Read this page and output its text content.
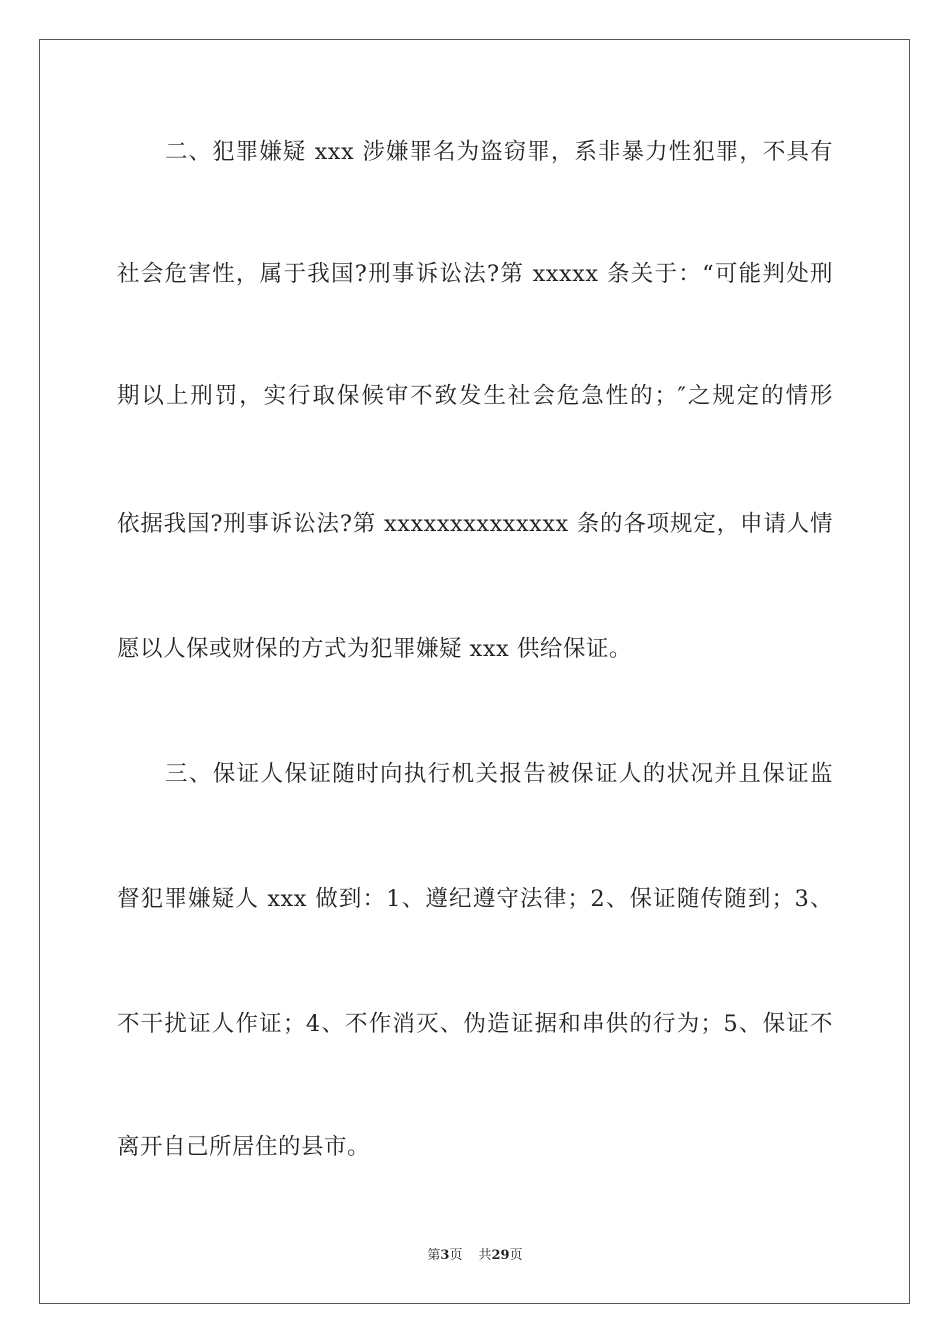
二、犯罪嫌疑 xxx 涉嫌罪名为盗窃罪，系非暴力性犯罪，不具有
社会危害性，属于我国?刑事诉讼法?第 xxxxx 条关于：“可能判处刑
期以上刑罚，实行取保候审不致发生社会危急性的；″之规定的情形
依据我国?刑事诉讼法?第 xxxxxxxxxxxxxx 条的各项规定，申请人情
愿以人保或财保的方式为犯罪嫌疑 xxx 供给保证。
三、保证人保证随时向执行机关报告被保证人的状况并且保证监
督犯罪嫌疑人 xxx 做到：1、遵纪遵守法律；2、保证随传随到；3、
不干扰证人作证；4、不作消灭、伪造证据和串供的行为；5、保证不
离开自己所居住的县市。
第3页 共29页
